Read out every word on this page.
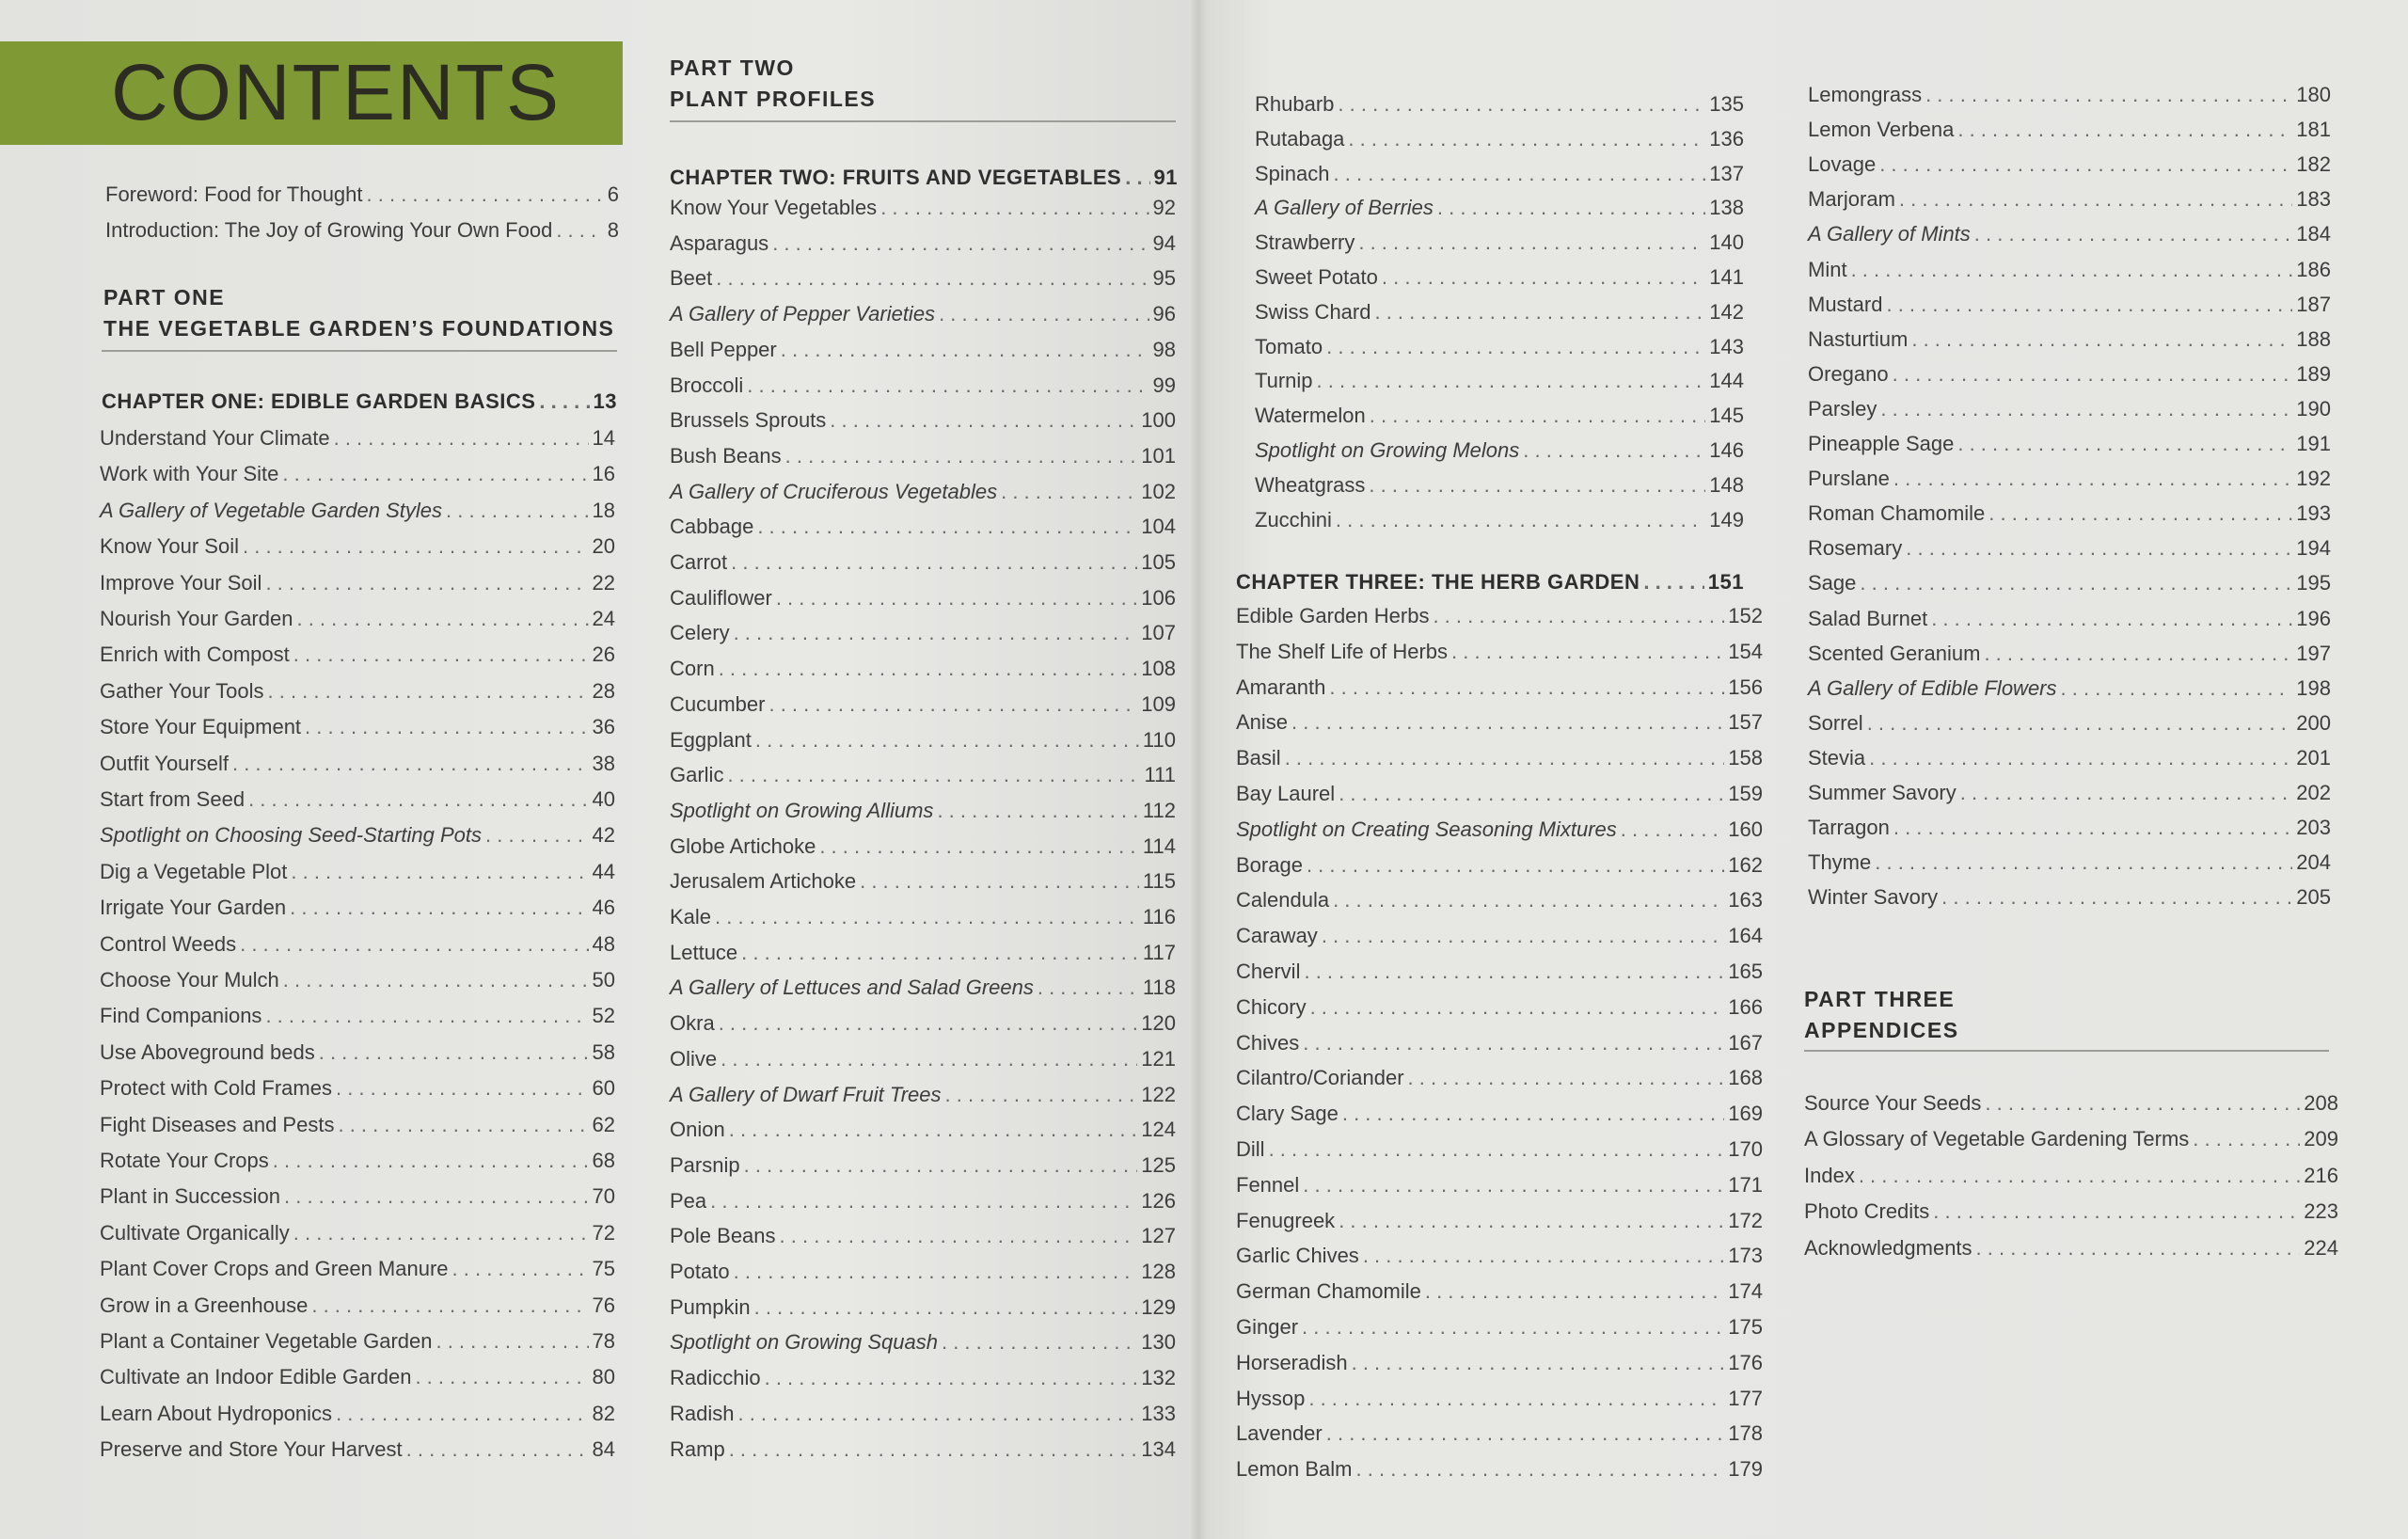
CONTENTS
PART ONE
THE VEGETABLE GARDEN’S FOUNDATIONS
PART TWO
PLANT PROFILES
PART THREE
APPENDICES
Foreword: Food for Thought . . .	6
Introduction: The Joy of Growing Your Own Food . . .	8
CHAPTER ONE: EDIBLE GARDEN BASICS . . .	13
Understand Your Climate . . .	14
Work with Your Site . . .	16
A Gallery of Vegetable Garden Styles . . .	18
Know Your Soil . . .	20
Improve Your Soil . . .	22
Nourish Your Garden . . .	24
Enrich with Compost . . .	26
Gather Your Tools . . .	28
Store Your Equipment . . .	36
Outfit Yourself . . .	38
Start from Seed . . .	40
Spotlight on Choosing Seed-Starting Pots . . .	42
Dig a Vegetable Plot . . .	44
Irrigate Your Garden . . .	46
Control Weeds . . .	48
Choose Your Mulch . . .	50
Find Companions . . .	52
Use Aboveground beds . . .	58
Protect with Cold Frames . . .	60
Fight Diseases and Pests . . .	62
Rotate Your Crops . . .	68
Plant in Succession . . .	70
Cultivate Organically . . .	72
Plant Cover Crops and Green Manure . . .	75
Grow in a Greenhouse . . .	76
Plant a Container Vegetable Garden . . .	78
Cultivate an Indoor Edible Garden . . .	80
Learn About Hydroponics . . .	82
Preserve and Store Your Harvest . . .	84
CHAPTER TWO: FRUITS AND VEGETABLES . . . 91
Know Your Vegetables . . .	92
Asparagus . . .	94
Beet . . .	95
A Gallery of Pepper Varieties . . .	96
Bell Pepper . . .	98
Broccoli . . .	99
Brussels Sprouts . . .	100
Bush Beans . . .	101
A Gallery of Cruciferous Vegetables . . .	102
Cabbage . . .	104
Carrot . . .	105
Cauliflower . . .	106
Celery . . .	107
Corn . . .	108
Cucumber . . .	109
Eggplant . . .	110
Garlic . . .	111
Spotlight on Growing Alliums . . .	112
Globe Artichoke . . .	114
Jerusalem Artichoke . . .	115
Kale . . .	116
Lettuce . . .	117
A Gallery of Lettuces and Salad Greens . . .	118
Okra . . .	120
Olive . . .	121
A Gallery of Dwarf Fruit Trees . . .	122
Onion . . .	124
Parsnip . . .	125
Pea . . .	126
Pole Beans . . .	127
Potato . . .	128
Pumpkin . . .	129
Spotlight on Growing Squash . . .	130
Radicchio . . .	132
Radish . . .	133
Ramp . . .	134
Rhubarb . . .	135
Rutabaga . . .	136
Spinach . . .	137
A Gallery of Berries . . .	138
Strawberry . . .	140
Sweet Potato . . .	141
Swiss Chard . . .	142
Tomato . . .	143
Turnip . . .	144
Watermelon . . .	145
Spotlight on Growing Melons . . .	146
Wheatgrass . . .	148
Zucchini . . .	149
CHAPTER THREE: THE HERB GARDEN . . .	151
Edible Garden Herbs . . .	152
The Shelf Life of Herbs . . .	154
Amaranth . . .	156
Anise . . .	157
Basil . . .	158
Bay Laurel . . .	159
Spotlight on Creating Seasoning Mixtures . . .	160
Borage . . .	162
Calendula . . .	163
Caraway . . .	164
Chervil . . .	165
Chicory . . .	166
Chives . . .	167
Cilantro/Coriander . . .	168
Clary Sage . . .	169
Dill . . .	170
Fennel . . .	171
Fenugreek . . .	172
Garlic Chives . . .	173
German Chamomile . . .	174
Ginger . . .	175
Horseradish . . .	176
Hyssop . . .	177
Lavender . . .	178
Lemon Balm . . .	179
Lemongrass . . .	180
Lemon Verbena . . .	181
Lovage . . .	182
Marjoram . . .	183
A Gallery of Mints . . .	184
Mint . . .	186
Mustard . . .	187
Nasturtium . . .	188
Oregano . . .	189
Parsley . . .	190
Pineapple Sage . . .	191
Purslane . . .	192
Roman Chamomile . . .	193
Rosemary . . .	194
Sage . . .	195
Salad Burnet . . .	196
Scented Geranium . . .	197
A Gallery of Edible Flowers . . .	198
Sorrel . . .	200
Stevia . . .	201
Summer Savory . . .	202
Tarragon . . .	203
Thyme . . .	204
Winter Savory . . .	205
Source Your Seeds . . .	208
A Glossary of Vegetable Gardening Terms . . .	209
Index . . .	216
Photo Credits . . .	223
Acknowledgments . . .	224
